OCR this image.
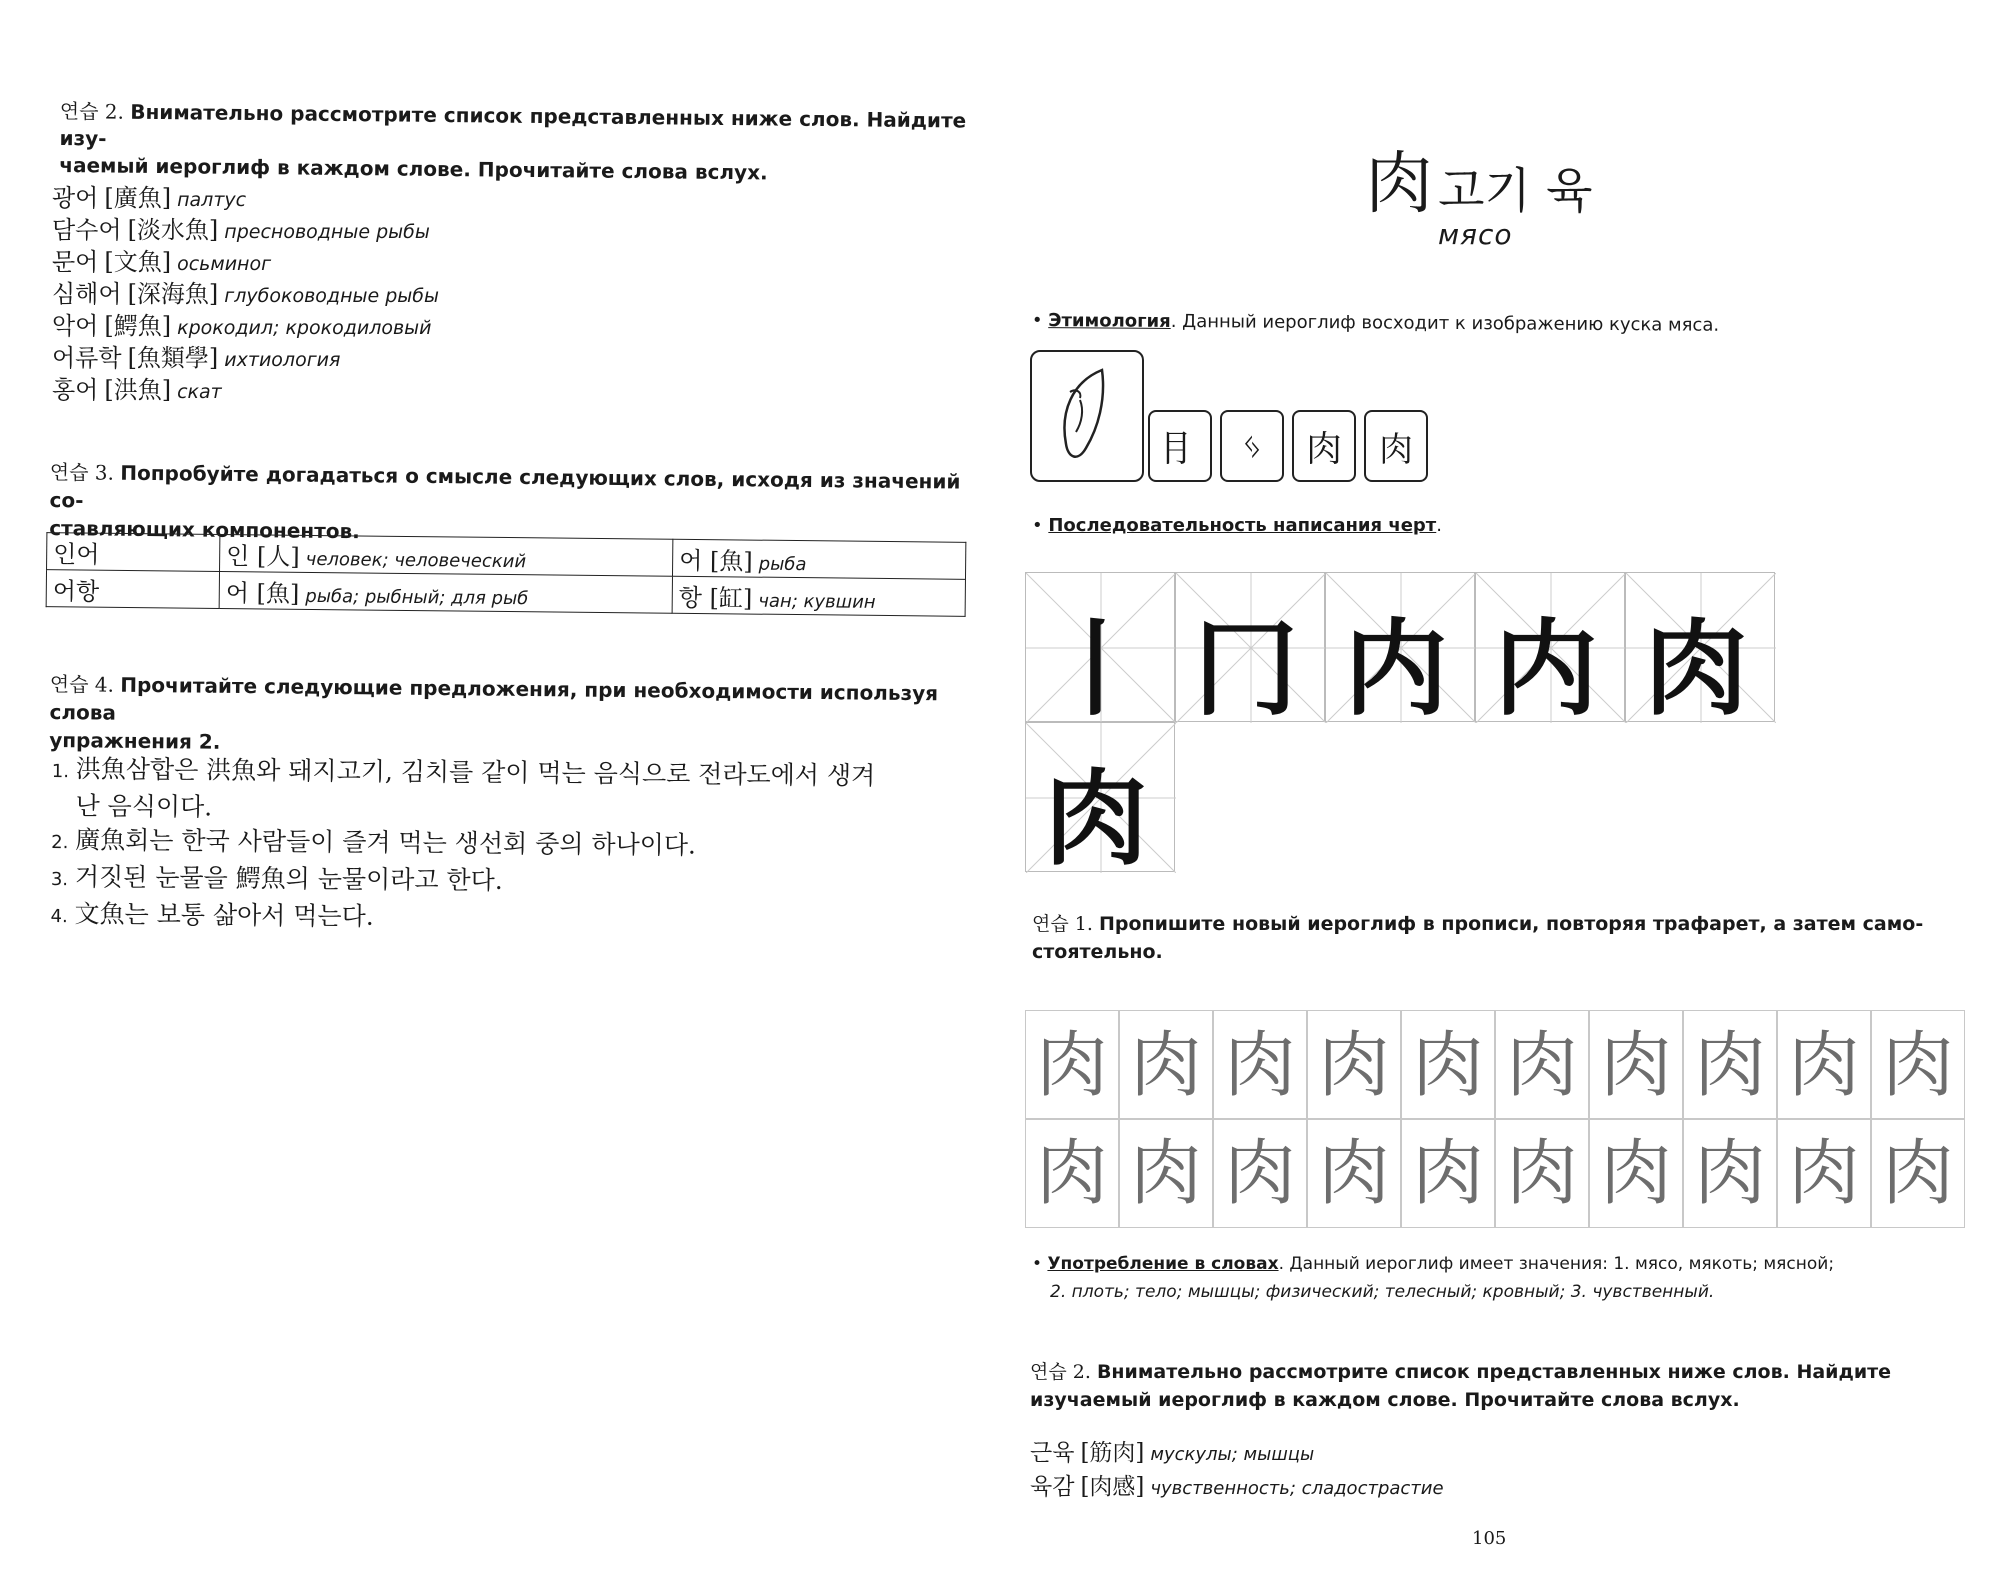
연습 2. Внимательно рассмотрите список представленных ниже слов. Найдите изу-
чаемый иероглиф в каждом слове. Прочитайте слова вслух.
광어 [廣魚] палтус
담수어 [淡水魚] пресноводные рыбы
문어 [文魚] осьминог
심해어 [深海魚] глубоководные рыбы
악어 [鰐魚] крокодил; крокодиловый
어류학 [魚類學] ихтиология
홍어 [洪魚] скат
연습 3. Попробуйте догадаться о смысле следующих слов, исходя из значений со-
ставляющих компонентов.
인어	인 [人] человек; человеческий	어 [魚] рыба
어항	어 [魚] рыба; рыбный; для рыб	항 [缸] чан; кувшин
연습 4. Прочитайте следующие предложения, при необходимости используя слова
упражнения 2.
1. 洪魚삼합은 洪魚와 돼지고기, 김치를 같이 먹는 음식으로 전라도에서 생겨
난 음식이다.
2. 廣魚회는 한국 사람들이 즐겨 먹는 생선회 중의 하나이다.
3. 거짓된 눈물을 鰐魚의 눈물이라고 한다.
4. 文魚는 보통 삶아서 먹는다.
肉 고기 육
мясо
• Этимология. Данный иероглиф восходит к изображению куска мяса.
⺝ ᛃ 肉 肉
• Последовательность написания черт.
丨 冂 内 内 肉
肉
연습 1. Пропишите новый иероглиф в прописи, повторяя трафарет, а затем само-
стоятельно.
肉 肉 肉 肉 肉 肉 肉 肉 肉 肉
肉 肉 肉 肉 肉 肉 肉 肉 肉 肉
• Употребление в словах. Данный иероглиф имеет значения: 1. мясо, мякоть; мясной;
2. плоть; тело; мышцы; физический; телесный; кровный; 3. чувственный.
연습 2. Внимательно рассмотрите список представленных ниже слов. Найдите
изучаемый иероглиф в каждом слове. Прочитайте слова вслух.
근육 [筋肉] мускулы; мышцы
육감 [肉感] чувственность; сладострастие
105
